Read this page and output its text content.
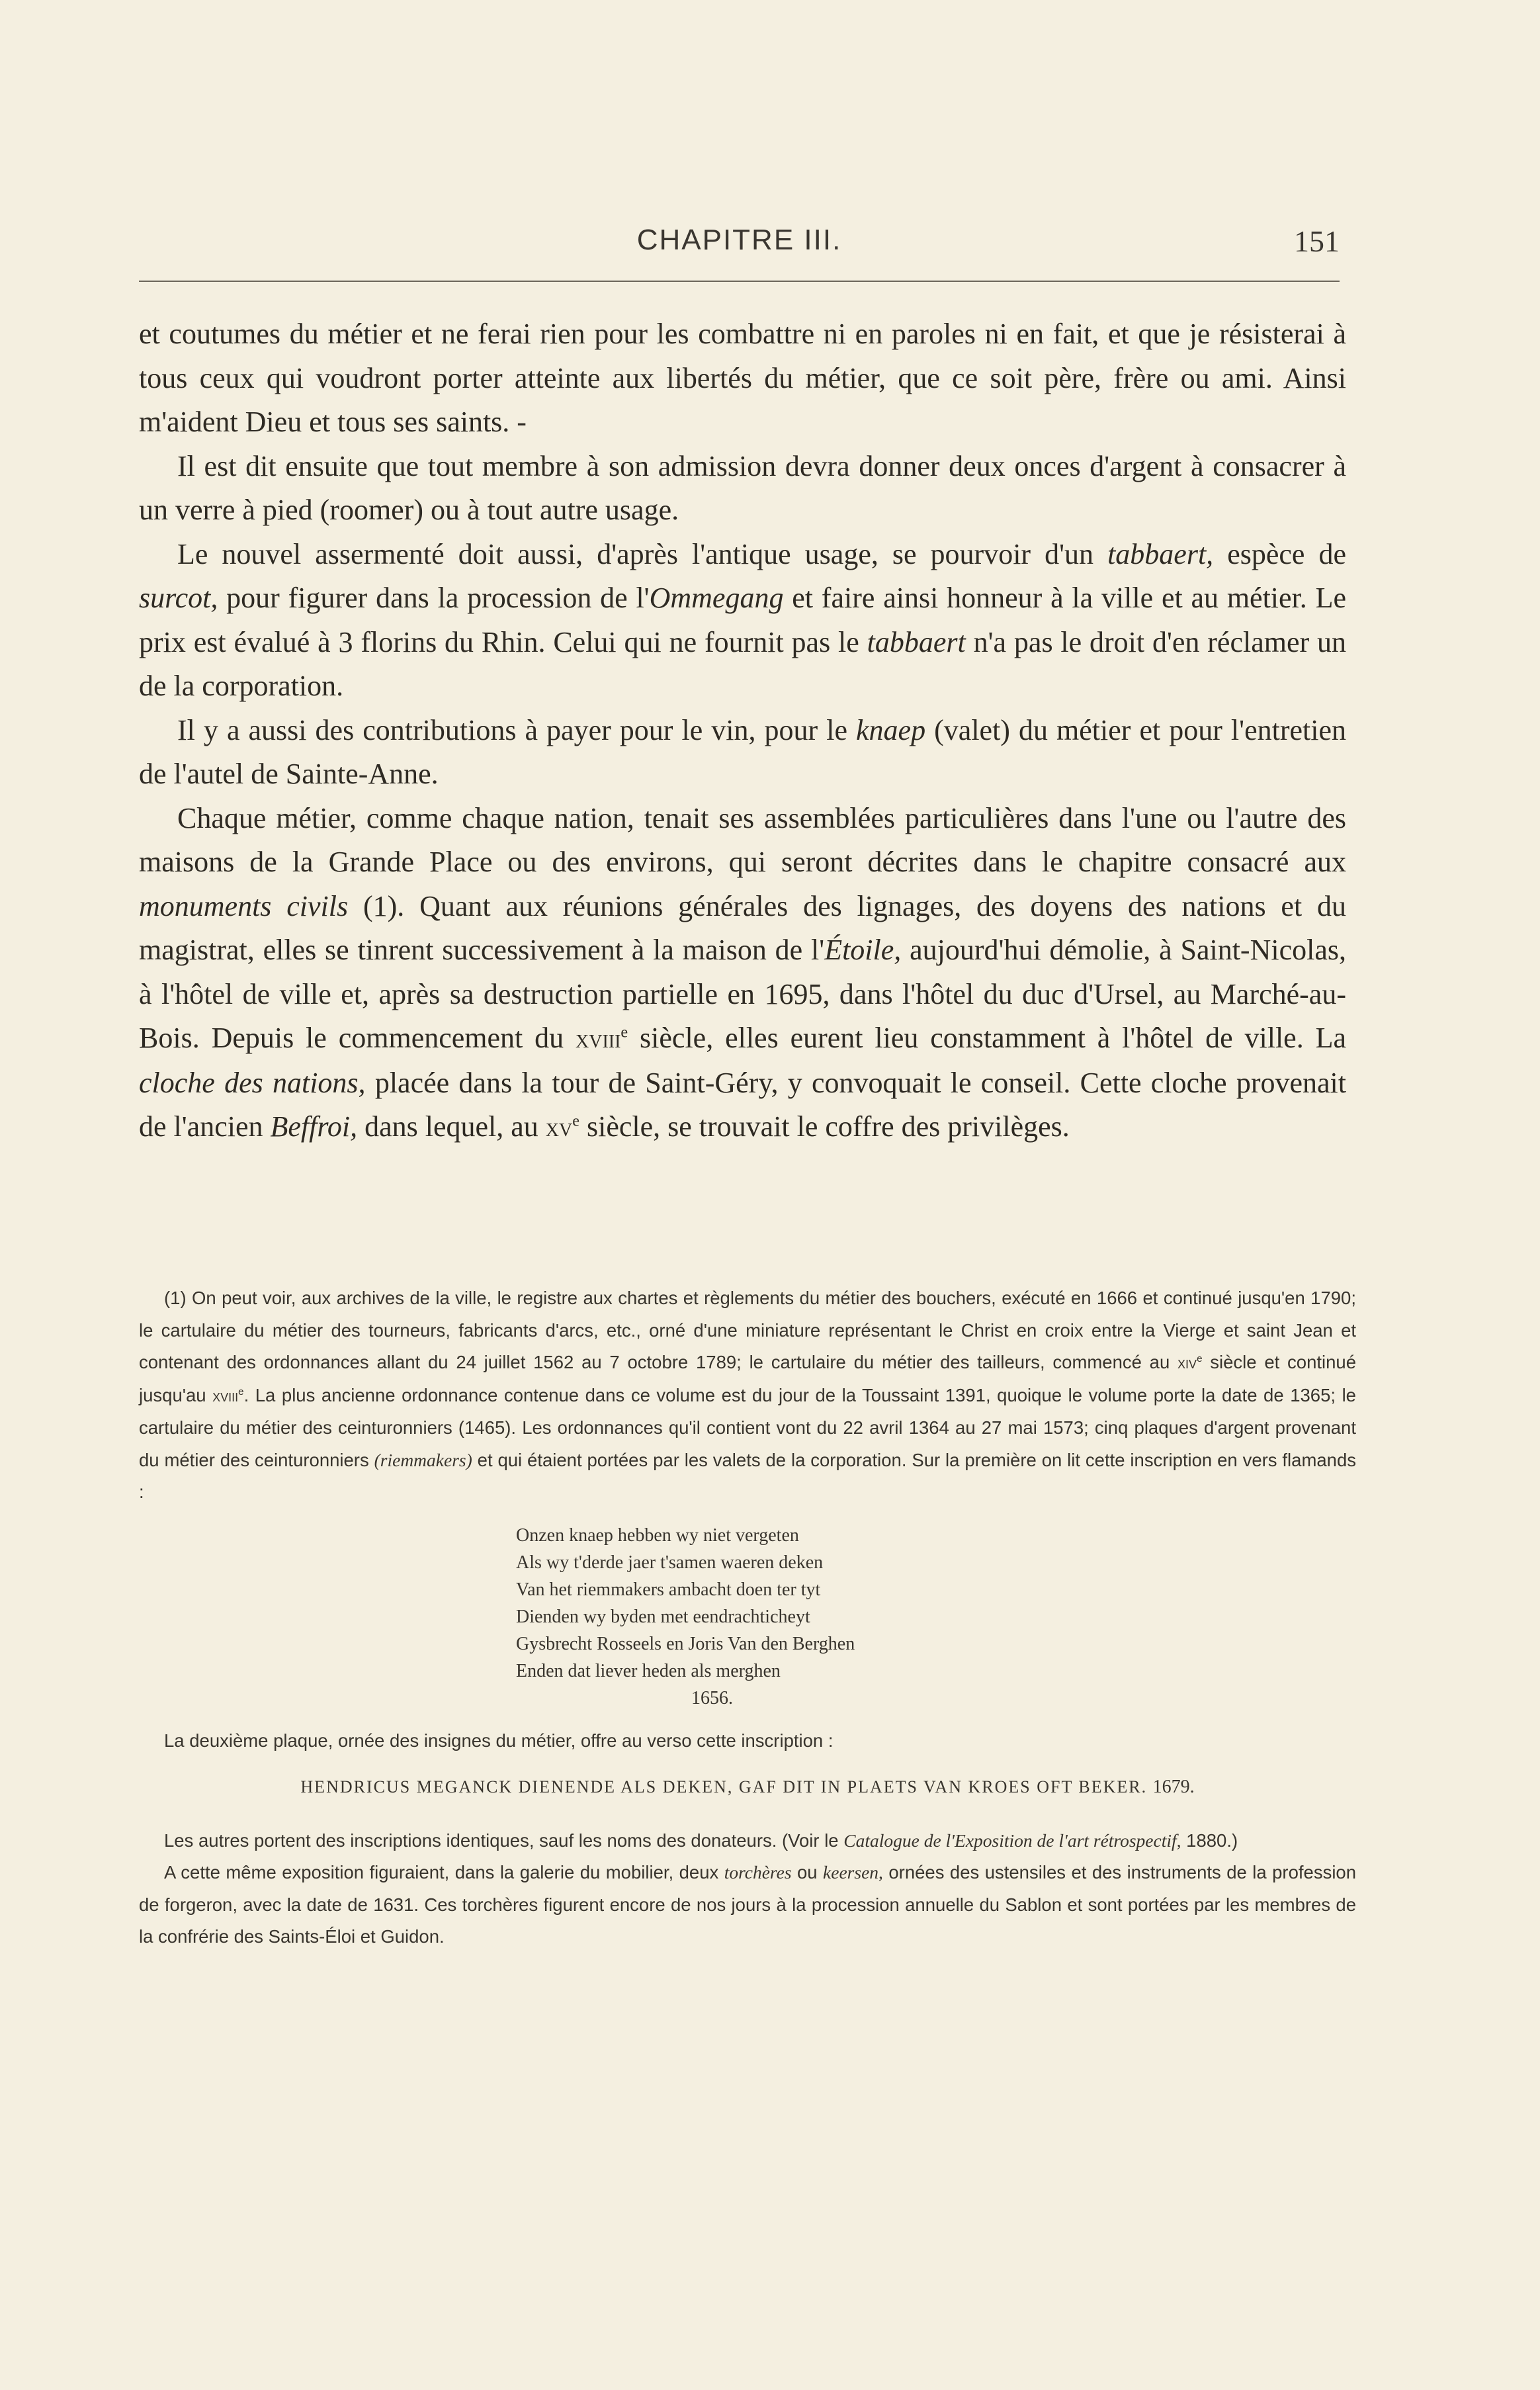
CHAPITRE III.	151

et coutumes du métier et ne ferai rien pour les combattre ni en paroles ni en fait, et que je résisterai à tous ceux qui voudront porter atteinte aux libertés du métier, que ce soit père, frère ou ami. Ainsi m'aident Dieu et tous ses saints. -

Il est dit ensuite que tout membre à son admission devra donner deux onces d'argent à consacrer à un verre à pied (roomer) ou à tout autre usage.

Le nouvel assermenté doit aussi, d'après l'antique usage, se pourvoir d'un tabbaert, espèce de surcot, pour figurer dans la procession de l'Ommegang et faire ainsi honneur à la ville et au métier. Le prix est évalué à 3 florins du Rhin. Celui qui ne fournit pas le tabbaert n'a pas le droit d'en réclamer un de la corporation.

Il y a aussi des contributions à payer pour le vin, pour le knaep (valet) du métier et pour l'entretien de l'autel de Sainte-Anne.

Chaque métier, comme chaque nation, tenait ses assemblées particulières dans l'une ou l'autre des maisons de la Grande Place ou des environs, qui seront décrites dans le chapitre consacré aux monuments civils (1). Quant aux réunions générales des lignages, des doyens des nations et du magistrat, elles se tinrent successivement à la maison de l'Étoile, aujourd'hui démolie, à Saint-Nicolas, à l'hôtel de ville et, après sa destruction partielle en 1695, dans l'hôtel du duc d'Ursel, au Marché-au-Bois. Depuis le commencement du xviii$^e$ siècle, elles eurent lieu constamment à l'hôtel de ville. La cloche des nations, placée dans la tour de Saint-Géry, y convoquait le conseil. Cette cloche provenait de l'ancien Beffroi, dans lequel, au $xv^e$ siècle, se trouvait le coffre des privilèges.

(1) On peut voir, aux archives de la ville, le registre aux chartes et règlements du métier des bouchers, exécuté en 1666 et continué jusqu'en 1790; le cartulaire du métier des tourneurs, fabricants d'arcs, etc., orné d'une miniature représentant le Christ en croix entre la Vierge et saint Jean et contenant des ordonnances allant du 24 juillet 1562 au 7 octobre 1789; le cartulaire du métier des tailleurs, commencé au xiv$^e$ siècle et continué jusqu'au xviii$^e$. La plus ancienne ordonnance contenue dans ce volume est du jour de la Toussaint 1391, quoique le volume porte la date de 1365; le cartulaire du métier des ceinturonniers (1465). Les ordonnances qu'il contient vont du 22 avril 1364 au 27 mai 1573; cinq plaques d'argent provenant du métier des ceinturonniers (riemmakers) et qui étaient portées par les valets de la corporation. Sur la première on lit cette inscription en vers flamands :

Onzen knaep hebben wy niet vergeten
Als wy t'derde jaer t'samen waeren deken
Van het riemmakers ambacht doen ter tyt
Dienden wy byden met eendrachticheyt
Gysbrecht Rosseels en Joris Van den Berghen
Enden dat liever heden als merghen
1656.

La deuxième plaque, ornée des insignes du métier, offre au verso cette inscription :

HENDRICUS MEGANCK DIENENDE ALS DEKEN, GAF DIT IN PLAETS VAN KROES OFT BEKER. 1679.

Les autres portent des inscriptions identiques, sauf les noms des donateurs. (Voir le Catalogue de l'Exposition de l'art rétrospectif, 1880.)

A cette même exposition figuraient, dans la galerie du mobilier, deux torchères ou keersen, ornées des ustensiles et des instruments de la profession de forgeron, avec la date de 1631. Ces torchères figurent encore de nos jours à la procession annuelle du Sablon et sont portées par les membres de la confrérie des Saints-Éloi et Guidon.
